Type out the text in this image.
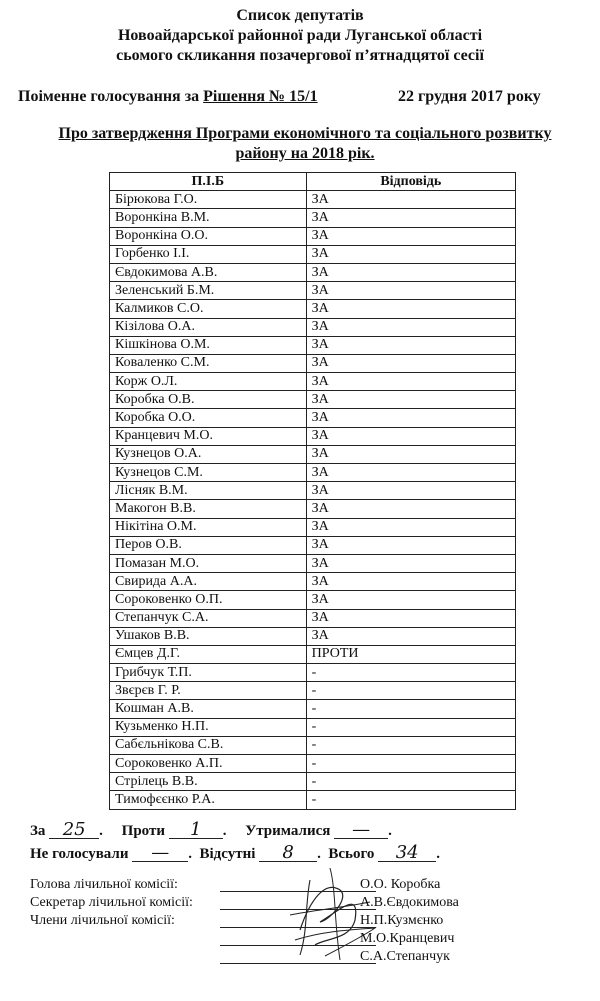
Список депутатів
Новоайдарської районної ради Луганської області
сьомого скликання позачергової п’ятнадцятої сесії
Поіменне голосування за Рішення № 15/1	22 грудня 2017 року
Про затвердження Програми економічного та соціального розвитку
району на 2018 рік.
П.І.Б	Відповідь
Бірюкова Г.О.	ЗА
Воронкіна В.М.	ЗА
Воронкіна О.О.	ЗА
Горбенко І.І.	ЗА
Євдокимова А.В.	ЗА
Зеленський Б.М.	ЗА
Калмиков С.О.	ЗА
Кізілова О.А.	ЗА
Кішкінова О.М.	ЗА
Коваленко С.М.	ЗА
Корж О.Л.	ЗА
Коробка О.В.	ЗА
Коробка О.О.	ЗА
Кранцевич М.О.	ЗА
Кузнецов О.А.	ЗА
Кузнецов С.М.	ЗА
Лісняк В.М.	ЗА
Макогон В.В.	ЗА
Нікітіна О.М.	ЗА
Перов О.В.	ЗА
Помазан М.О.	ЗА
Свирида А.А.	ЗА
Сороковенко О.П.	ЗА
Степанчук С.А.	ЗА
Ушаков В.В.	ЗА
Ємцев Д.Г.	ПРОТИ
Грибчук Т.П.	-
Звєрєв Г. Р.	-
Кошман А.В.	-
Кузьменко Н.П.	-
Сабєльнікова С.В.	-
Сороковенко А.П.	-
Стрілець В.В.	-
Тимофєєнко Р.А.	-
За 25 .     Проти 1 .     Утрималися — .
Не голосували — .  Відсутні 8 .  Всього 34 .
Голова лічильної комісії:
Секретар лічильної комісії:
Члени лічильної комісії:
О.О. Коробка
А.В.Євдокимова
Н.П.Кузмєнко
М.О.Кранцевич
С.А.Степанчук
